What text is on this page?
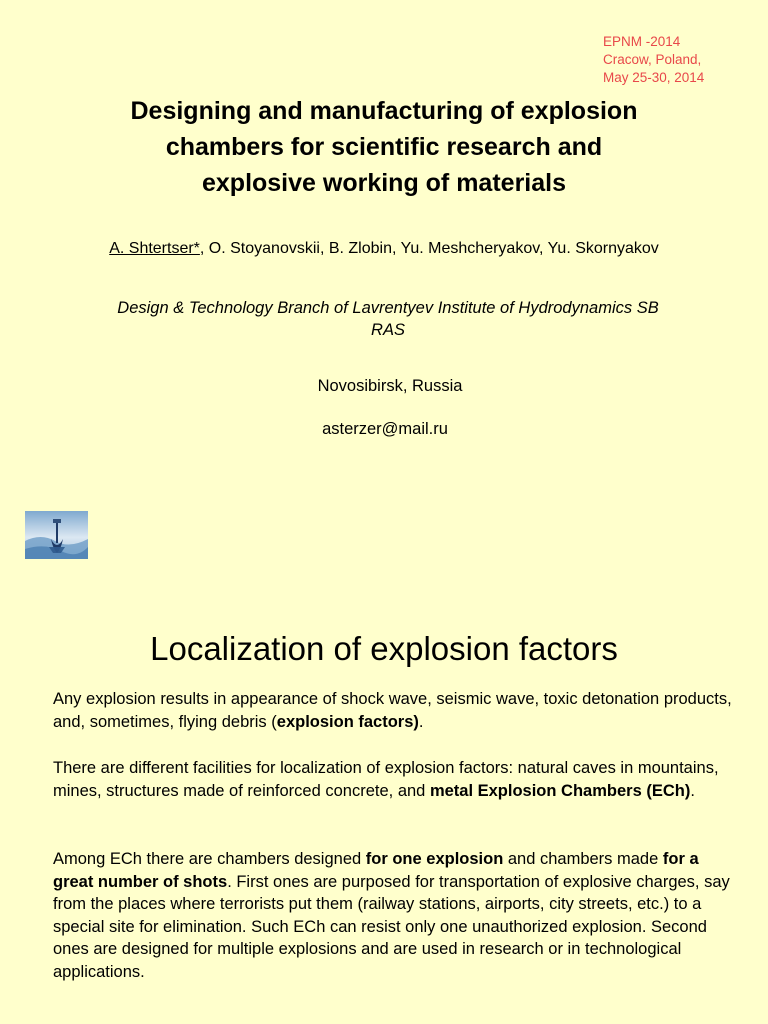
EPNM -2014
Cracow, Poland,
May 25-30, 2014
Designing and manufacturing of explosion
chambers for scientific research and
explosive working of materials
A. Shtertser*, O. Stoyanovskii, B. Zlobin, Yu. Meshcheryakov, Yu. Skornyakov
Design & Technology Branch of Lavrentyev Institute of Hydrodynamics SB
RAS
Novosibirsk, Russia
asterzer@mail.ru
Localization of explosion factors

Any explosion results in appearance of shock wave, seismic wave, toxic detonation products, and, sometimes, flying debris (explosion factors).

There are different facilities for localization of explosion factors: natural caves in mountains, mines, structures made of reinforced concrete, and metal Explosion Chambers (ECh).

Among ECh there are chambers designed for one explosion and chambers made for a great number of shots. First ones are purposed for transportation of explosive charges, say from the places where terrorists put them (railway stations, airports, city streets, etc.) to a special site for elimination. Such ECh can resist only one unauthorized explosion. Second ones are designed for multiple explosions and are used in research or in technological applications.
